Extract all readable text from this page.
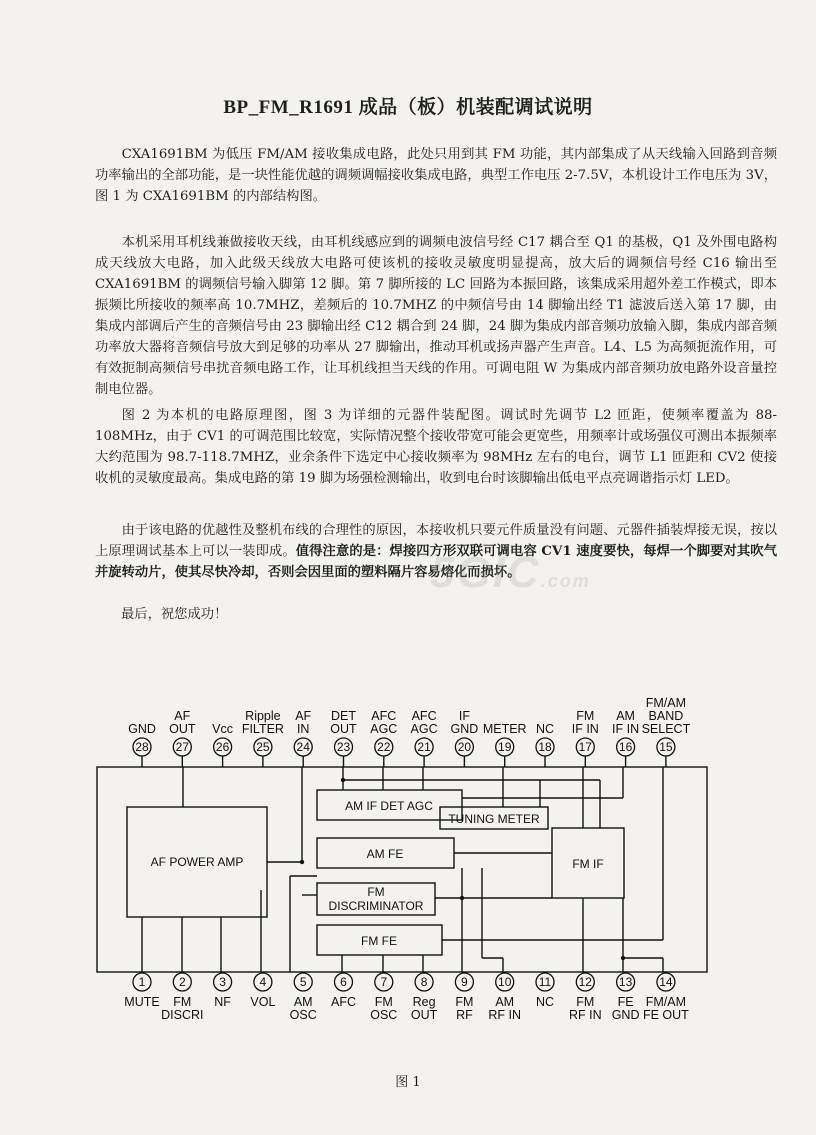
BP_FM_R1691 成品（板）机装配调试说明

CXA1691BM 为低压 FM/AM 接收集成电路，此处只用到其 FM 功能，其内部集成了从天线输入回路到音频功率输出的全部功能，是一块性能优越的调频调幅接收集成电路，典型工作电压 2-7.5V，本机设计工作电压为 3V，图 1 为 CXA1691BM 的内部结构图。

本机采用耳机线兼做接收天线，由耳机线感应到的调频电波信号经 C17 耦合至 Q1 的基极，Q1 及外围电路构成天线放大电路，加入此级天线放大电路可使该机的接收灵敏度明显提高，放大后的调频信号经 C16 输出至 CXA1691BM 的调频信号输入脚第 12 脚。第 7 脚所接的 LC 回路为本振回路，该集成采用超外差工作模式，即本振频比所接收的频率高 10.7MHZ，差频后的 10.7MHZ 的中频信号由 14 脚输出经 T1 滤波后送入第 17 脚，由集成内部调后产生的音频信号由 23 脚输出经 C12 耦合到 24 脚，24 脚为集成内部音频功放输入脚，集成内部音频功率放大器将音频信号放大到足够的功率从 27 脚输出，推动耳机或扬声器产生声音。L4、L5 为高频扼流作用，可有效扼制高频信号串扰音频电路工作，让耳机线担当天线的作用。可调电阻 W 为集成内部音频功放电路外设音量控制电位器。

图 2 为本机的电路原理图，图 3 为详细的元器件装配图。调试时先调节 L2 匝距，使频率覆盖为 88-108MHz，由于 CV1 的可调范围比较宽，实际情况整个接收带宽可能会更宽些，用频率计或场强仪可测出本振频率大约范围为 98.7-118.7MHZ，业余条件下选定中心接收频率为 98MHz 左右的电台，调节 L1 匝距和 CV2 使接收机的灵敏度最高。集成电路的第 19 脚为场强检测输出，收到电台时该脚输出低电平点亮调谐指示灯 LED。

由于该电路的优越性及整机布线的合理性的原因，本接收机只要元件质量没有问题、元器件插装焊接无误，按以上原理调试基本上可以一装即成。值得注意的是：焊接四方形双联可调电容 CV1 速度要快，每焊一个脚要对其吹气并旋转动片，使其尽快冷却，否则会因里面的塑料隔片容易熔化而损坏。

最后，祝您成功！

5GIC.com
AF POWER AMP
AM IF DET AGC
TUNING METER
AM FE
FM IF
FM
DISCRIMINATOR
FM FE
28
GND
27
AF
OUT
26
Vcc
25
Ripple
FILTER
24
AF
IN
23
DET
OUT
22
AFC
AGC
21
AFC
AGC
20
IF
GND
19
METER
18
NC
17
FM
IF IN
16
AM
IF IN
15
FM/AM
BAND
SELECT
1
MUTE
2
FM
DISCRI
3
NF
4
VOL
5
AM
OSC
6
AFC
7
FM
OSC
8
Reg
OUT
9
FM
RF
10
AM
RF IN
11
NC
12
FM
RF IN
13
FE
GND
14
FM/AM
FE OUT
图 1
